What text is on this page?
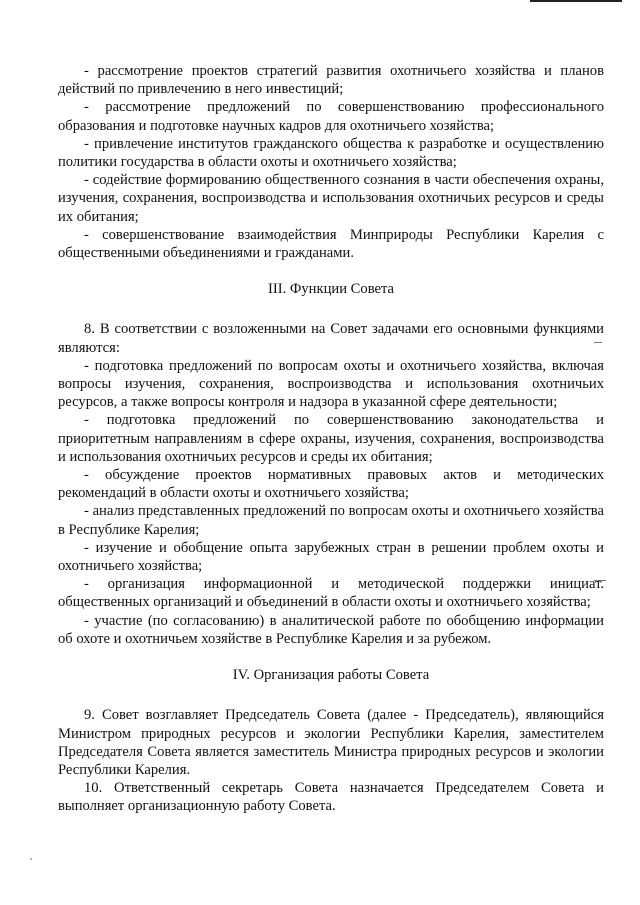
- рассмотрение проектов стратегий развития охотничьего хозяйства и планов действий по привлечению в него инвестиций;

- рассмотрение предложений по совершенствованию профессионального образования и подготовке научных кадров для охотничьего хозяйства;

- привлечение институтов гражданского общества к разработке и осуществлению политики государства в области охоты и охотничьего хозяйства;

- содействие формированию общественного сознания в части обеспечения охраны, изучения, сохранения, воспроизводства и использования охотничьих ресурсов и среды их обитания;

- совершенствование взаимодействия Минприроды Республики Карелия с общественными объединениями и гражданами.

III. Функции Совета

8. В соответствии с возложенными на Совет задачами его основными функциями являются:

- подготовка предложений по вопросам охоты и охотничьего хозяйства, включая вопросы изучения, сохранения, воспроизводства и использования охотничьих ресурсов, а также вопросы контроля и надзора в указанной сфере деятельности;

- подготовка предложений по совершенствованию законодательства и приоритетным направлениям в сфере охраны, изучения, сохранения, воспроизводства и использования охотничьих ресурсов и среды их обитания;

- обсуждение проектов нормативных правовых актов и методических рекомендаций в области охоты и охотничьего хозяйства;

- анализ представленных предложений по вопросам охоты и охотничьего хозяйства в Республике Карелия;

- изучение и обобщение опыта зарубежных стран в решении проблем охоты и охотничьего хозяйства;

- организация информационной и методической поддержки инициат. общественных организаций и объединений в области охоты и охотничьего хозяйства;

- участие (по согласованию) в аналитической работе по обобщению информации об охоте и охотничьем хозяйстве в Республике Карелия и за рубежом.

IV. Организация работы Совета

9. Совет возглавляет Председатель Совета (далее - Председатель), являющийся Министром природных ресурсов и экологии Республики Карелия, заместителем Председателя Совета является заместитель Министра природных ресурсов и экологии Республики Карелия.

10. Ответственный секретарь Совета назначается Председателем Совета и выполняет организационную работу Совета.
